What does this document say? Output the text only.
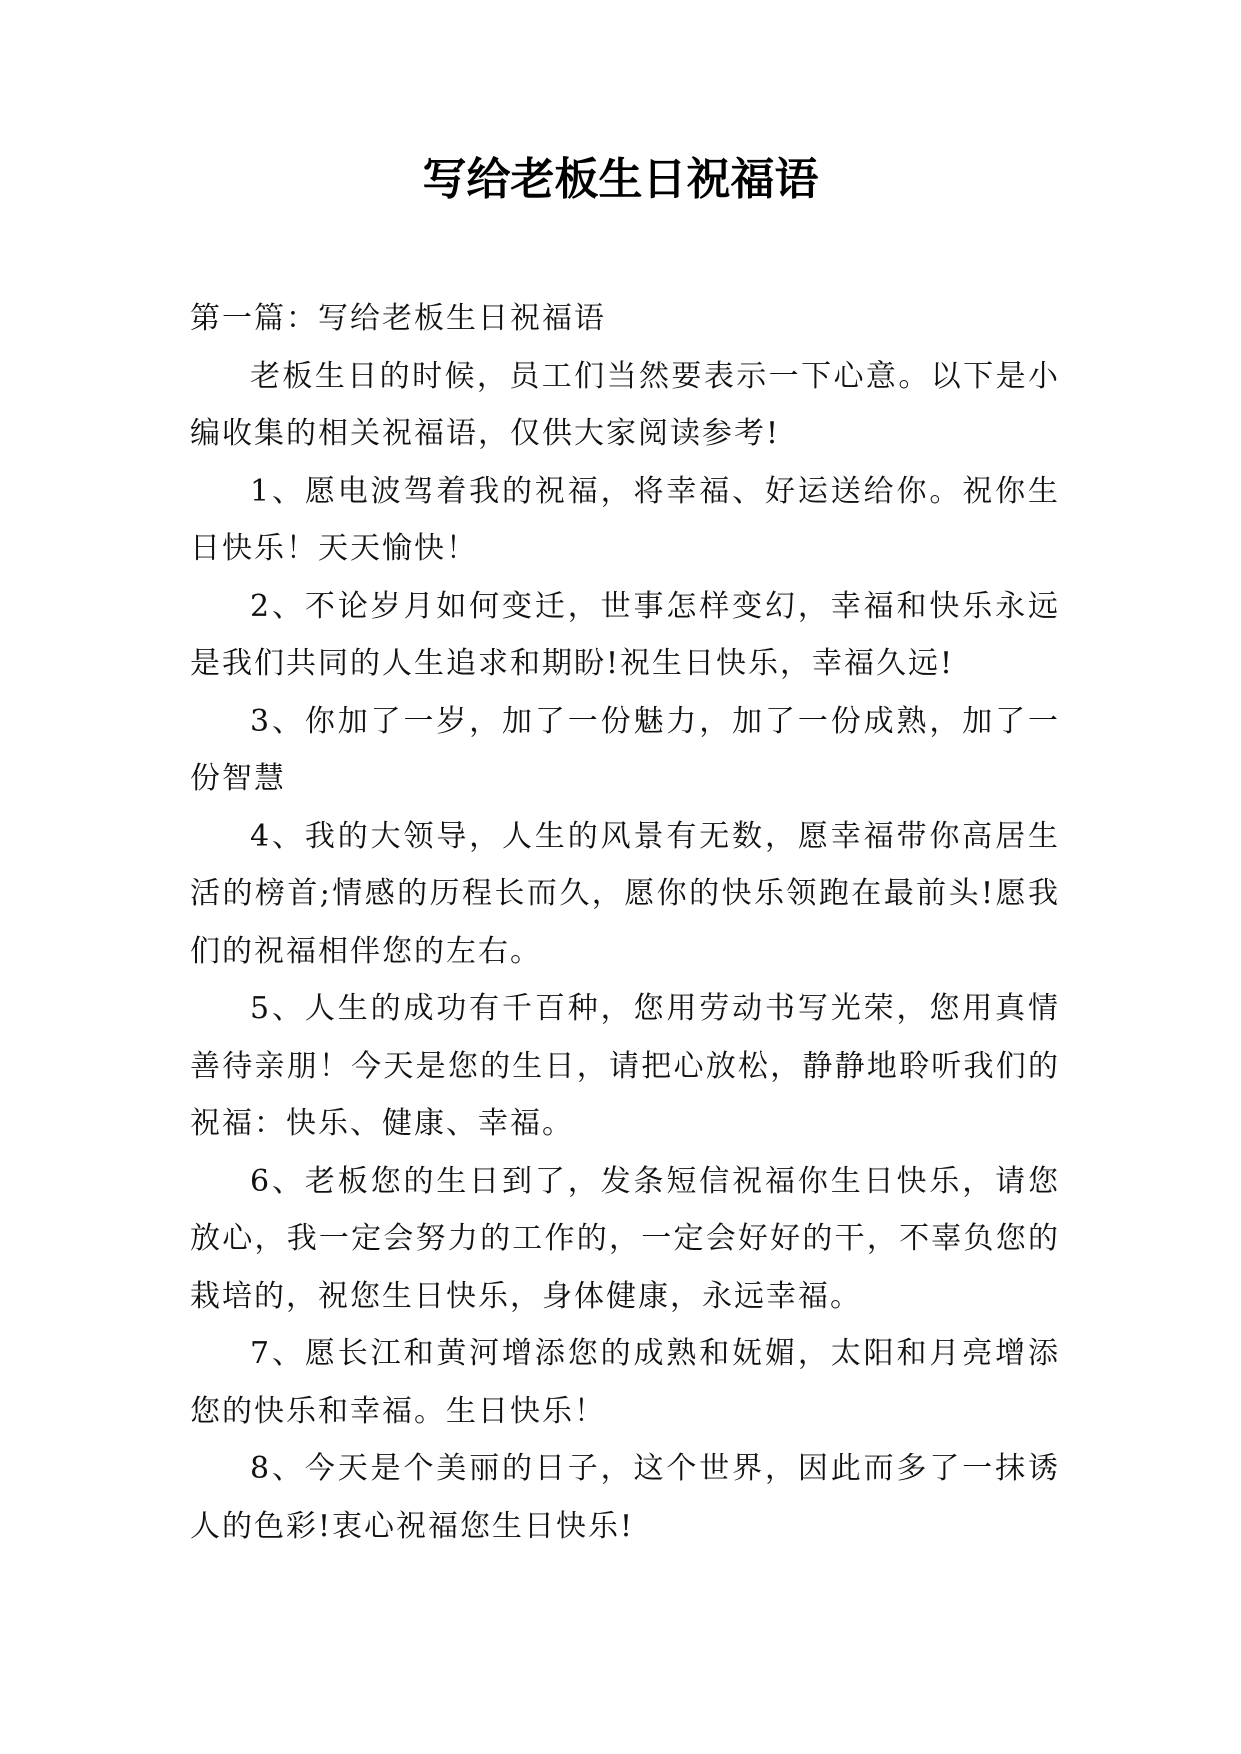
写给老板生日祝福语

第一篇：写给老板生日祝福语

老板生日的时候，员工们当然要表示一下心意。以下是小编收集的相关祝福语，仅供大家阅读参考!

1、愿电波驾着我的祝福，将幸福、好运送给你。祝你生日快乐！天天愉快！

2、不论岁月如何变迁，世事怎样变幻，幸福和快乐永远是我们共同的人生追求和期盼!祝生日快乐，幸福久远!

3、你加了一岁，加了一份魅力，加了一份成熟，加了一份智慧

4、我的大领导，人生的风景有无数，愿幸福带你高居生活的榜首;情感的历程长而久，愿你的快乐领跑在最前头!愿我们的祝福相伴您的左右。

5、人生的成功有千百种，您用劳动书写光荣，您用真情善待亲朋！今天是您的生日，请把心放松，静静地聆听我们的祝福：快乐、健康、幸福。

6、老板您的生日到了，发条短信祝福你生日快乐，请您放心，我一定会努力的工作的，一定会好好的干，不辜负您的栽培的，祝您生日快乐，身体健康，永远幸福。

7、愿长江和黄河增添您的成熟和妩媚，太阳和月亮增添您的快乐和幸福。生日快乐！

8、今天是个美丽的日子，这个世界，因此而多了一抹诱人的色彩!衷心祝福您生日快乐!
